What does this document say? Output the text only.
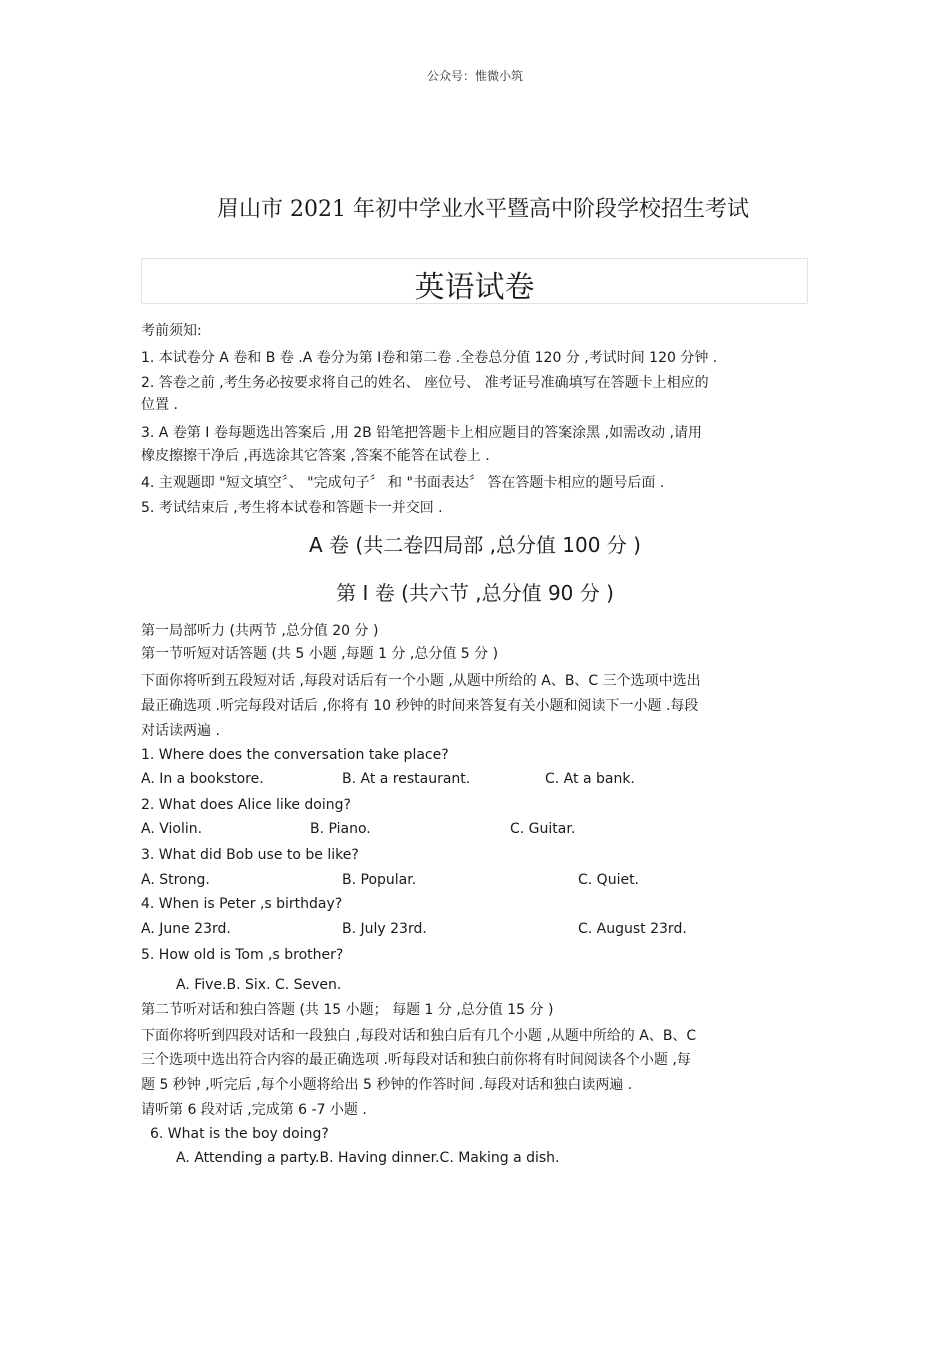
公众号：惟微小筑
眉山市 2021 年初中学业水平暨高中阶段学校招生考试
英语试卷
考前须知:
1. 本试卷分 A 卷和 B 卷 .A 卷分为第 I卷和第二卷 .全卷总分值 120 分 ,考试时间 120 分钟 .
2. 答卷之前 ,考生务必按要求将自己的姓名、 座位号、 准考证号准确填写在答题卡上相应的
位置 .
3. A 卷第 I 卷每题选出答案后 ,用 2B 铅笔把答题卡上相应题目的答案涂黑 ,如需改动 ,请用
橡皮擦擦干净后 ,再选涂其它答案 ,答案不能答在试卷上 .
4. 主观题即 "短文填空〞、 "完成句子〞 和 "书面表达〞 答在答题卡相应的题号后面 .
5. 考试结束后 ,考生将本试卷和答题卡一并交回 .
A 卷 (共二卷四局部 ,总分值 100 分 )
第 I 卷 (共六节 ,总分值 90 分 )
第一局部听力 (共两节 ,总分值 20 分 )
第一节听短对话答题 (共 5 小题 ,每题 1 分 ,总分值 5 分 )
下面你将听到五段短对话 ,每段对话后有一个小题 ,从题中所给的 A、B、C 三个选项中选出
最正确选项 .听完每段对话后 ,你将有 10 秒钟的时间来答复有关小题和阅读下一小题 .每段
对话读两遍 .
1. Where does the conversation take place?
A. In a bookstore.	B. At a restaurant.	C. At a bank.
2. What does Alice like doing?
A. Violin.	B. Piano.	C. Guitar.
3. What did Bob use to be like?
A. Strong.	B. Popular.	C. Quiet.
4. When is Peter ,s birthday?
A. June 23rd.	B. July 23rd.	C. August 23rd.
5. How old is Tom ,s brother?
A. Five.B. Six. C. Seven.
第二节听对话和独白答题 (共 15 小题； 每题 1 分 ,总分值 15 分 )
下面你将听到四段对话和一段独白 ,每段对话和独白后有几个小题 ,从题中所给的 A、B、C
三个选项中选出符合内容的最正确选项 .听每段对话和独白前你将有时间阅读各个小题 ,每
题 5 秒钟 ,听完后 ,每个小题将给出 5 秒钟的作答时间 .每段对话和独白读两遍 .
请听第 6 段对话 ,完成第 6 -7 小题 .
6. What is the boy doing?
A. Attending a party.B. Having dinner.C. Making a dish.
